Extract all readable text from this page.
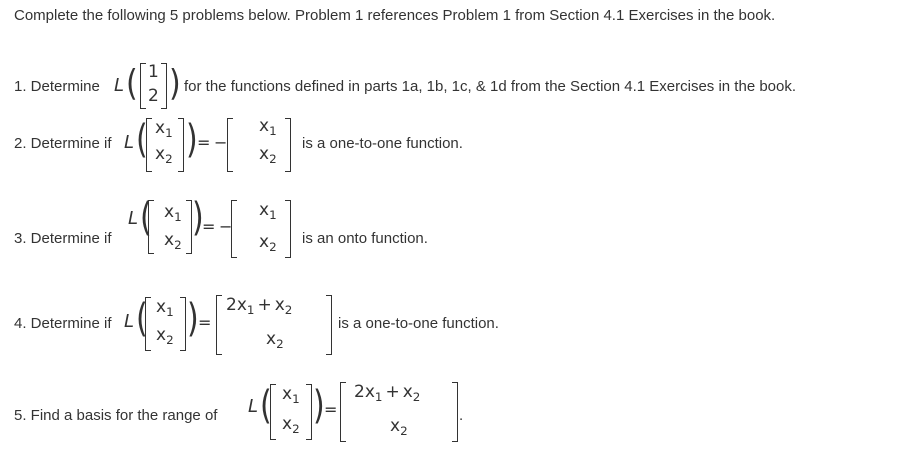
Complete the following 5 problems below. Problem 1 references Problem 1 from Section 4.1 Exercises in the book.
1. Determine L ( 1
2 ) for the functions defined in parts 1a, 1b, 1c, & 1d from the Section 4.1 Exercises in the book.
2. Determine if L ( $x_1$
$x_2$ ) = −
$x_1$
$x_2$
is a one-to-one function.
3. Determine if
L ( $x_1$
$x_2$
)
= −
$x_1$
$x_2$
is an onto function.
4. Determine if L ( $x_1$
$x_2$ ) =
$2x_1 + x_2$
$x_2$
is a one-to-one function.
5. Find a basis for the range of L ( $x_1$
$x_2$
) =
$2x_1 + x_2$
$x_2$
.
